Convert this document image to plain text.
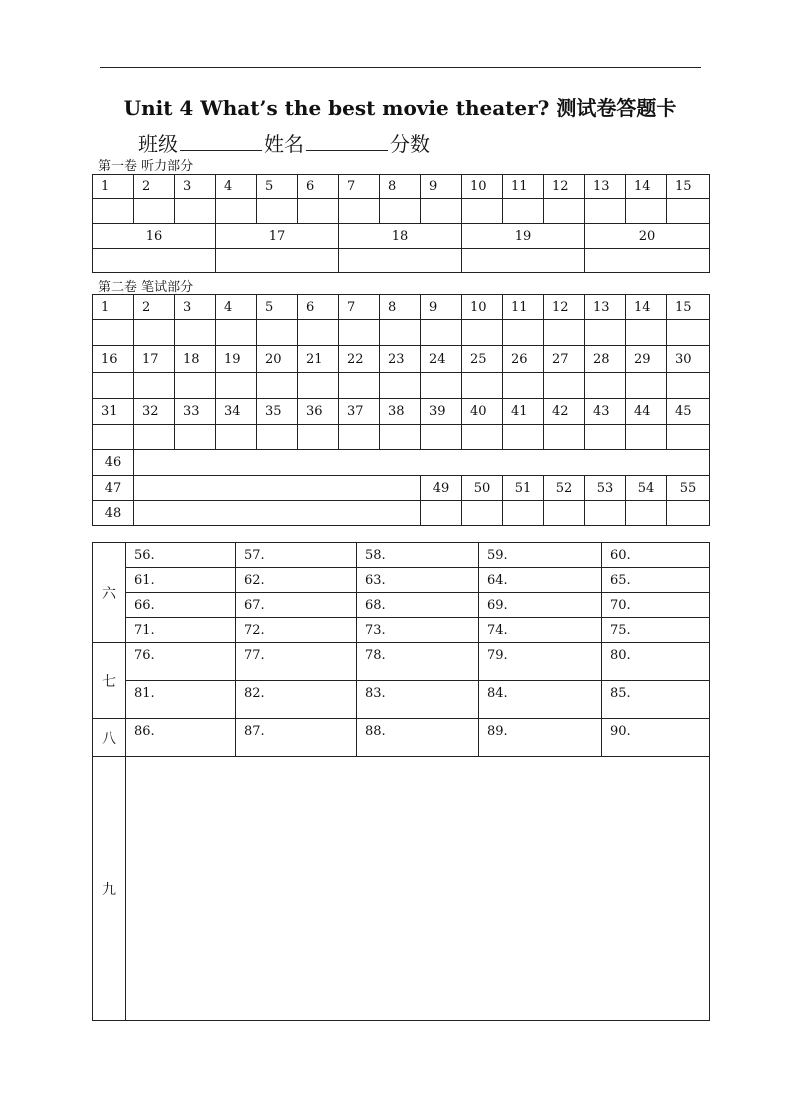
Unit 4 What’s the best movie theater? 测试卷答题卡
班级	姓名	分数
第一卷 听力部分
1	2	3	4	5	6	7	8	9	10	11	12	13	14	15

16			17			18			19			20		

第二卷 笔试部分
1	2	3	4	5	6	7	8	9	10	11	12	13	14	15

16	17	18	19	20	21	22	23	24	25	26	27	28	29	30

31	32	33	34	35	36	37	38	39	40	41	42	43	44	45

46														
47								49	50	51	52	53	54	55
48														
六	56.	57.	58.	59.	60.
	61.	62.	63.	64.	65.
	66.	67.	68.	69.	70.
	71.	72.	73.	74.	75.
七	76.	77.	78.	79.	80.
	81.	82.	83.	84.	85.
八	86.	87.	88.	89.	90.
九					
